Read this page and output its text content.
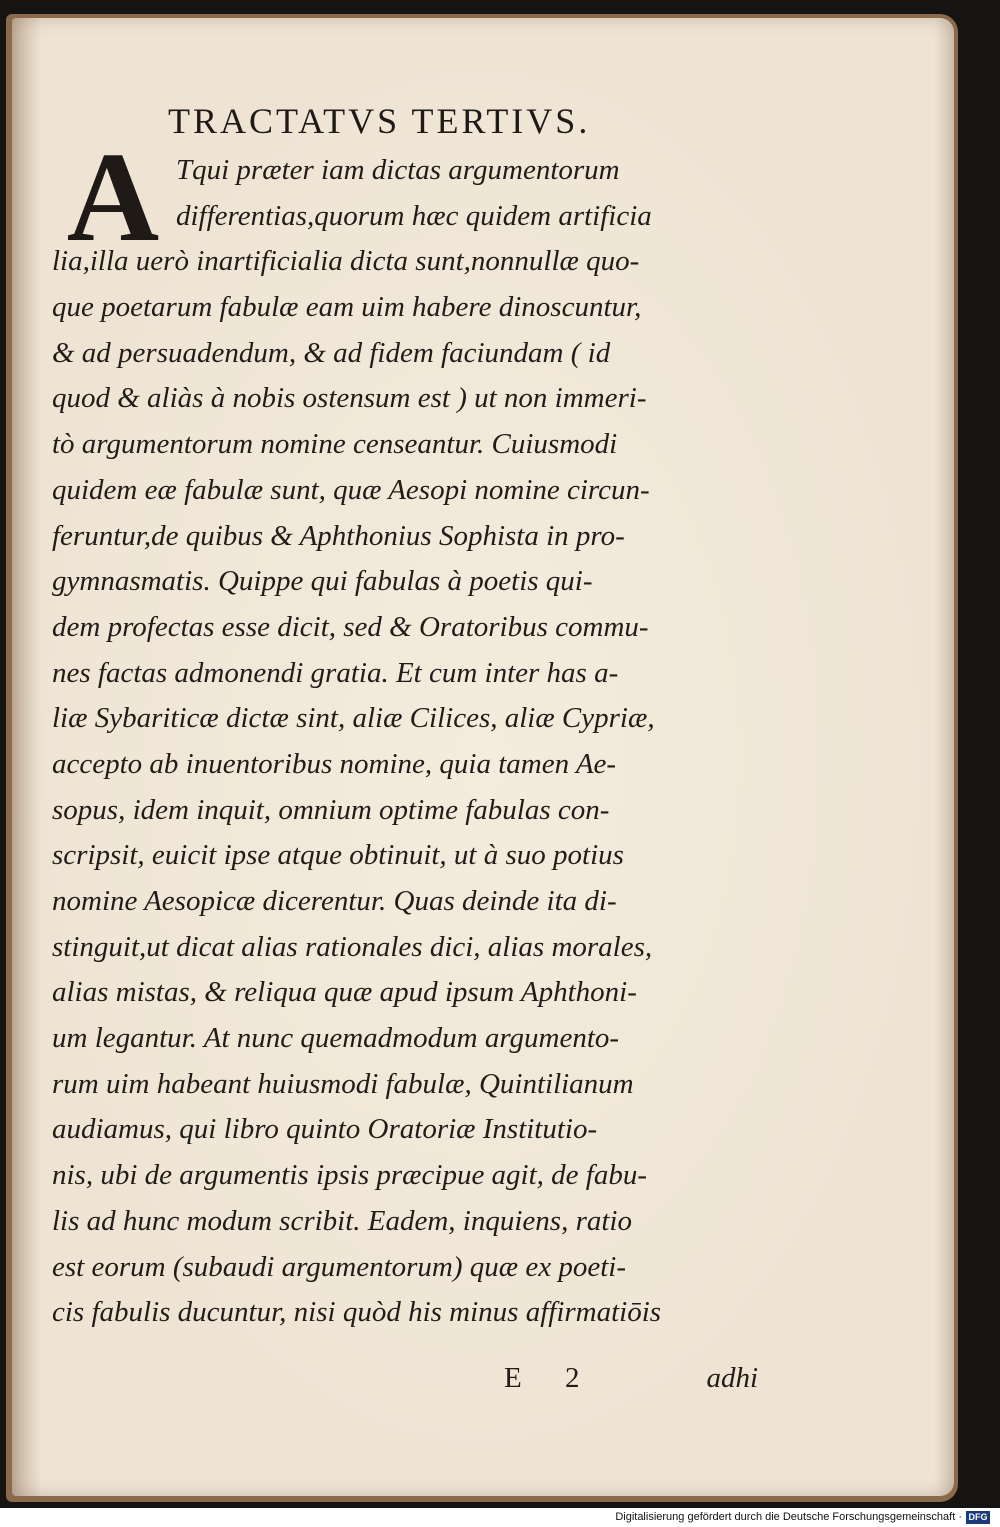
TRACTATVS TERTIVS.
A Tqui præter iam dictas argumentorum
differentias,quorum hæc quidem artificia
lia,illa uerò inartificialia dicta sunt,nonnullæ quo-
que poetarum fabulæ eam uim habere dinoscuntur,
& ad persuadendum, & ad fidem faciundam ( id
quod & aliàs à nobis ostensum est ) ut non immeri-
tò argumentorum nomine censeantur. Cuiusmodi
quidem eæ fabulæ sunt, quæ Aesopi nomine circun-
feruntur,de quibus & Aphthonius Sophista in pro-
gymnasmatis. Quippe qui fabulas à poetis qui-
dem profectas esse dicit, sed & Oratoribus commu-
nes factas admonendi gratia. Et cum inter has a-
liæ Sybariticæ dictæ sint, aliæ Cilices, aliæ Cypriæ,
accepto ab inuentoribus nomine, quia tamen Ae-
sopus, idem inquit, omnium optime fabulas con-
scripsit, euicit ipse atque obtinuit, ut à suo potius
nomine Aesopicæ dicerentur. Quas deinde ita di-
stinguit,ut dicat alias rationales dici, alias morales,
alias mistas, & reliqua quæ apud ipsum Aphthoni-
um legantur. At nunc quemadmodum argumento-
rum uim habeant huiusmodi fabulæ, Quintilianum
audiamus, qui libro quinto Oratoriæ Institutio-
nis, ubi de argumentis ipsis præcipue agit, de fabu-
lis ad hunc modum scribit. Eadem, inquiens, ratio
est eorum (subaudi argumentorum) quæ ex poeti-
cis fabulis ducuntur, nisi quòd his minus affirmatiōis
E 2	adhi
Digitalisierung gefördert durch die Deutsche Forschungsgemeinschaft · DFG
